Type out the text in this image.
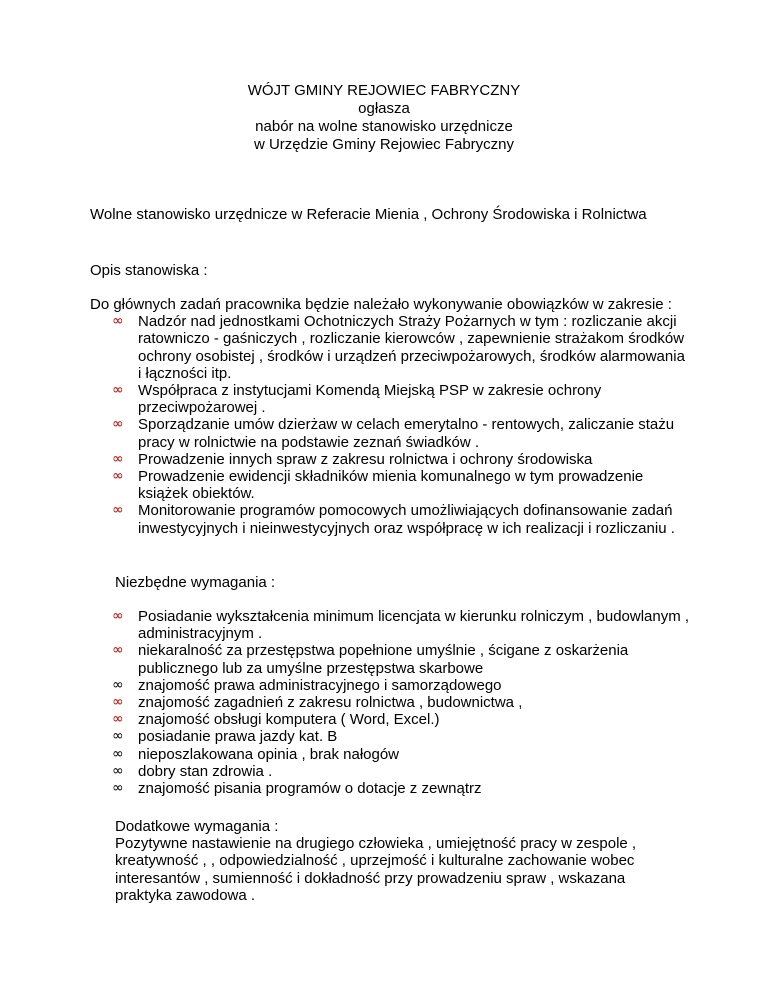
WÓJT GMINY REJOWIEC FABRYCZNY
ogłasza
nabór na wolne stanowisko urzędnicze
w Urzędzie Gminy Rejowiec Fabryczny
Wolne stanowisko urzędnicze w Referacie Mienia , Ochrony Środowiska i Rolnictwa
Opis stanowiska :

Do głównych zadań pracownika będzie należało wykonywanie obowiązków w zakresie :

∞ Nadzór nad jednostkami Ochotniczych Straży Pożarnych w tym : rozliczanie akcji ratowniczo - gaśniczych , rozliczanie kierowców , zapewnienie strażakom środków ochrony osobistej , środków i urządzeń przeciwpożarowych, środków alarmowania i łączności itp.
∞ Współpraca z instytucjami Komendą Miejską PSP w zakresie ochrony przeciwpożarowej .
∞ Sporządzanie umów dzierżaw w celach emerytalno - rentowych, zaliczanie stażu pracy w rolnictwie na podstawie zeznań świadków .
∞ Prowadzenie innych spraw z zakresu rolnictwa i ochrony środowiska
∞ Prowadzenie ewidencji składników mienia komunalnego w tym prowadzenie książek obiektów.
∞ Monitorowanie programów pomocowych umożliwiających dofinansowanie zadań inwestycyjnych i nieinwestycyjnych oraz współpracę w ich realizacji i rozliczaniu .
Niezbędne wymagania :
∞ Posiadanie wykształcenia minimum licencjata w kierunku rolniczym , budowlanym , administracyjnym .
∞ niekaralność za przestępstwa popełnione umyślnie , ścigane z oskarżenia publicznego lub za umyślne przestępstwa skarbowe
∞ znajomość prawa administracyjnego i samorządowego
∞ znajomość zagadnień z zakresu rolnictwa , budownictwa ,
∞ znajomość obsługi komputera ( Word, Excel.)
∞ posiadanie prawa jazdy kat. B
∞ nieposzlakowana opinia , brak nałogów
∞ dobry stan zdrowia .
∞ znajomość pisania programów o dotacje z zewnątrz

Dodatkowe wymagania :

Pozytywne nastawienie na drugiego człowieka , umiejętność pracy w zespole , kreatywność , , odpowiedzialność , uprzejmość i kulturalne zachowanie wobec interesantów , sumienność i dokładność przy prowadzeniu spraw , wskazana praktyka zawodowa .
